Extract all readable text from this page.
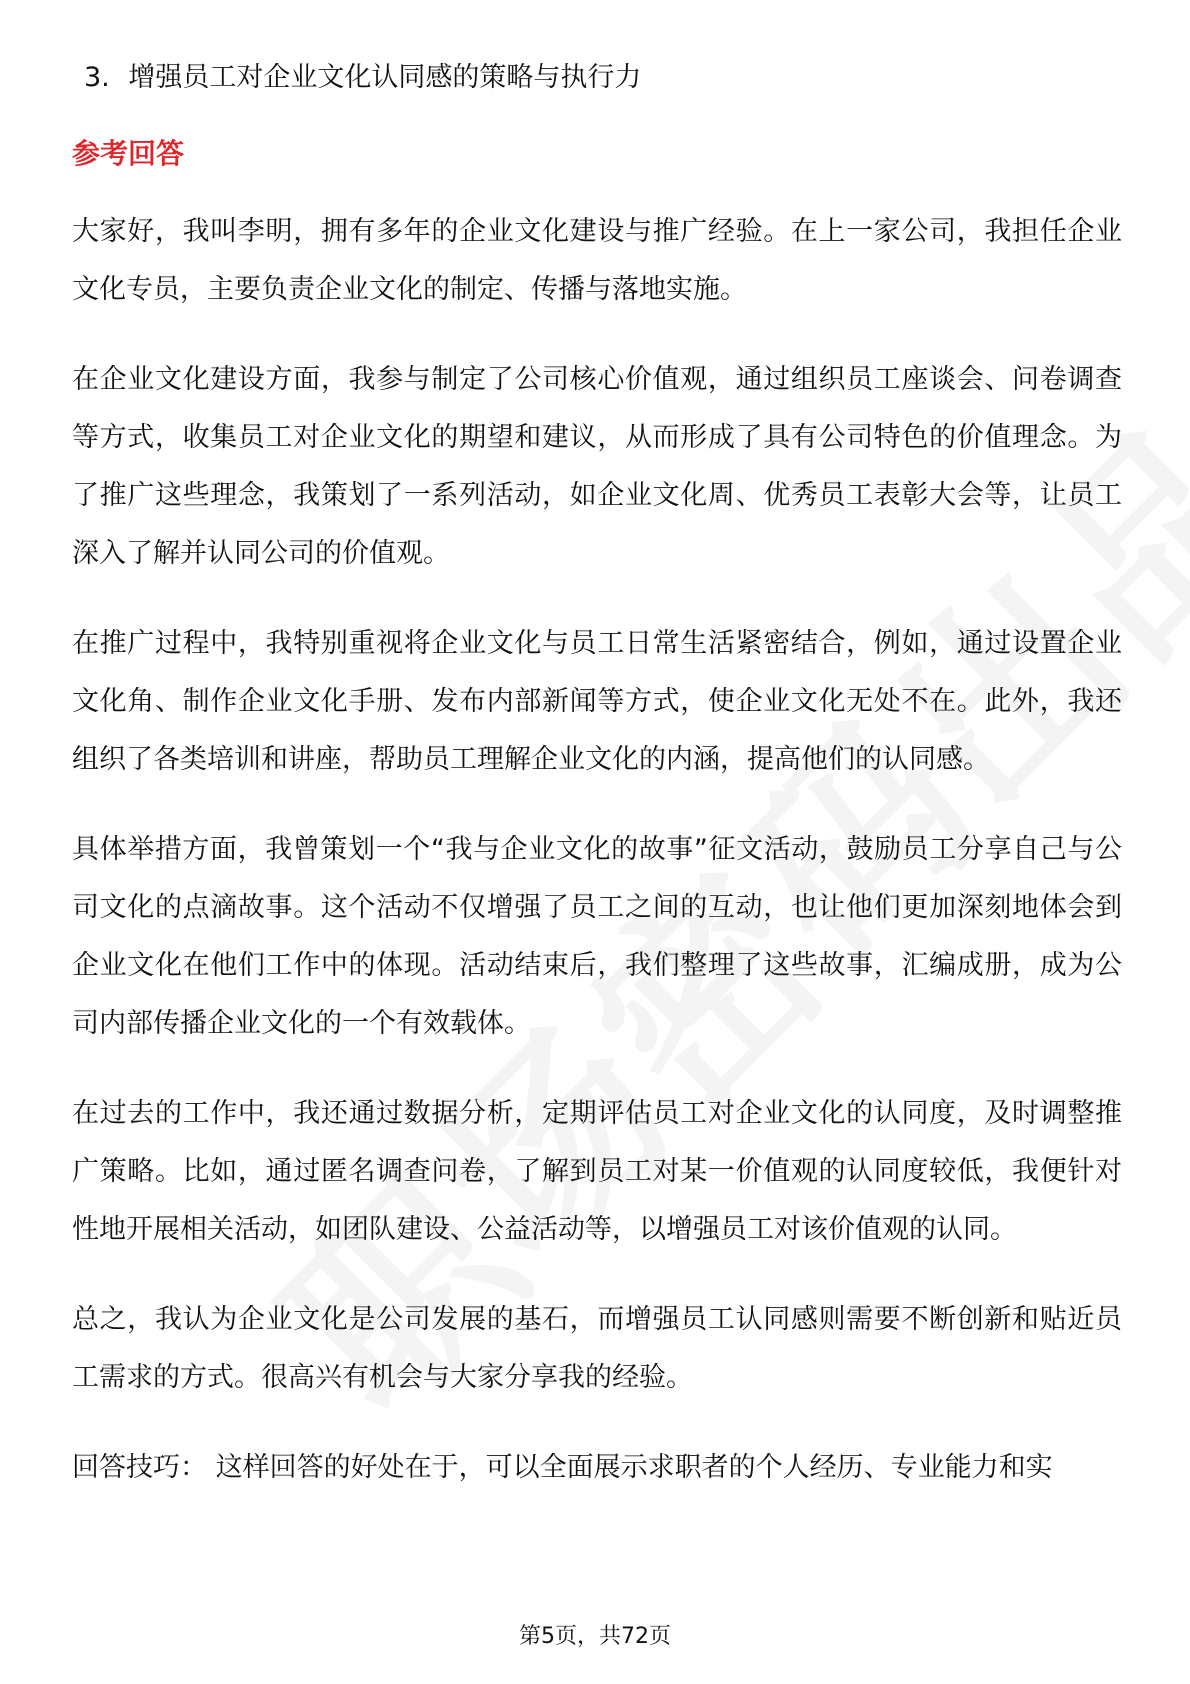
3. 增强员工对企业文化认同感的策略与执行力
参考回答

大家好，我叫李明，拥有多年的企业文化建设与推广经验。在上一家公司，我担任企业文化专员，主要负责企业文化的制定、传播与落地实施。

在企业文化建设方面，我参与制定了公司核心价值观，通过组织员工座谈会、问卷调查等方式，收集员工对企业文化的期望和建议，从而形成了具有公司特色的价值理念。为了推广这些理念，我策划了一系列活动，如企业文化周、优秀员工表彰大会等，让员工深入了解并认同公司的价值观。

在推广过程中，我特别重视将企业文化与员工日常生活紧密结合，例如，通过设置企业文化角、制作企业文化手册、发布内部新闻等方式，使企业文化无处不在。此外，我还组织了各类培训和讲座，帮助员工理解企业文化的内涵，提高他们的认同感。

具体举措方面，我曾策划一个“我与企业文化的故事”征文活动，鼓励员工分享自己与公司文化的点滴故事。这个活动不仅增强了员工之间的互动，也让他们更加深刻地体会到企业文化在他们工作中的体现。活动结束后，我们整理了这些故事，汇编成册，成为公司内部传播企业文化的一个有效载体。

在过去的工作中，我还通过数据分析，定期评估员工对企业文化的认同度，及时调整推广策略。比如，通过匿名调查问卷，了解到员工对某一价值观的认同度较低，我便针对性地开展相关活动，如团队建设、公益活动等，以增强员工对该价值观的认同。

总之，我认为企业文化是公司发展的基石，而增强员工认同感则需要不断创新和贴近员工需求的方式。很高兴有机会与大家分享我的经验。

回答技巧： 这样回答的好处在于，可以全面展示求职者的个人经历、专业能力和实

第5页，共72页
